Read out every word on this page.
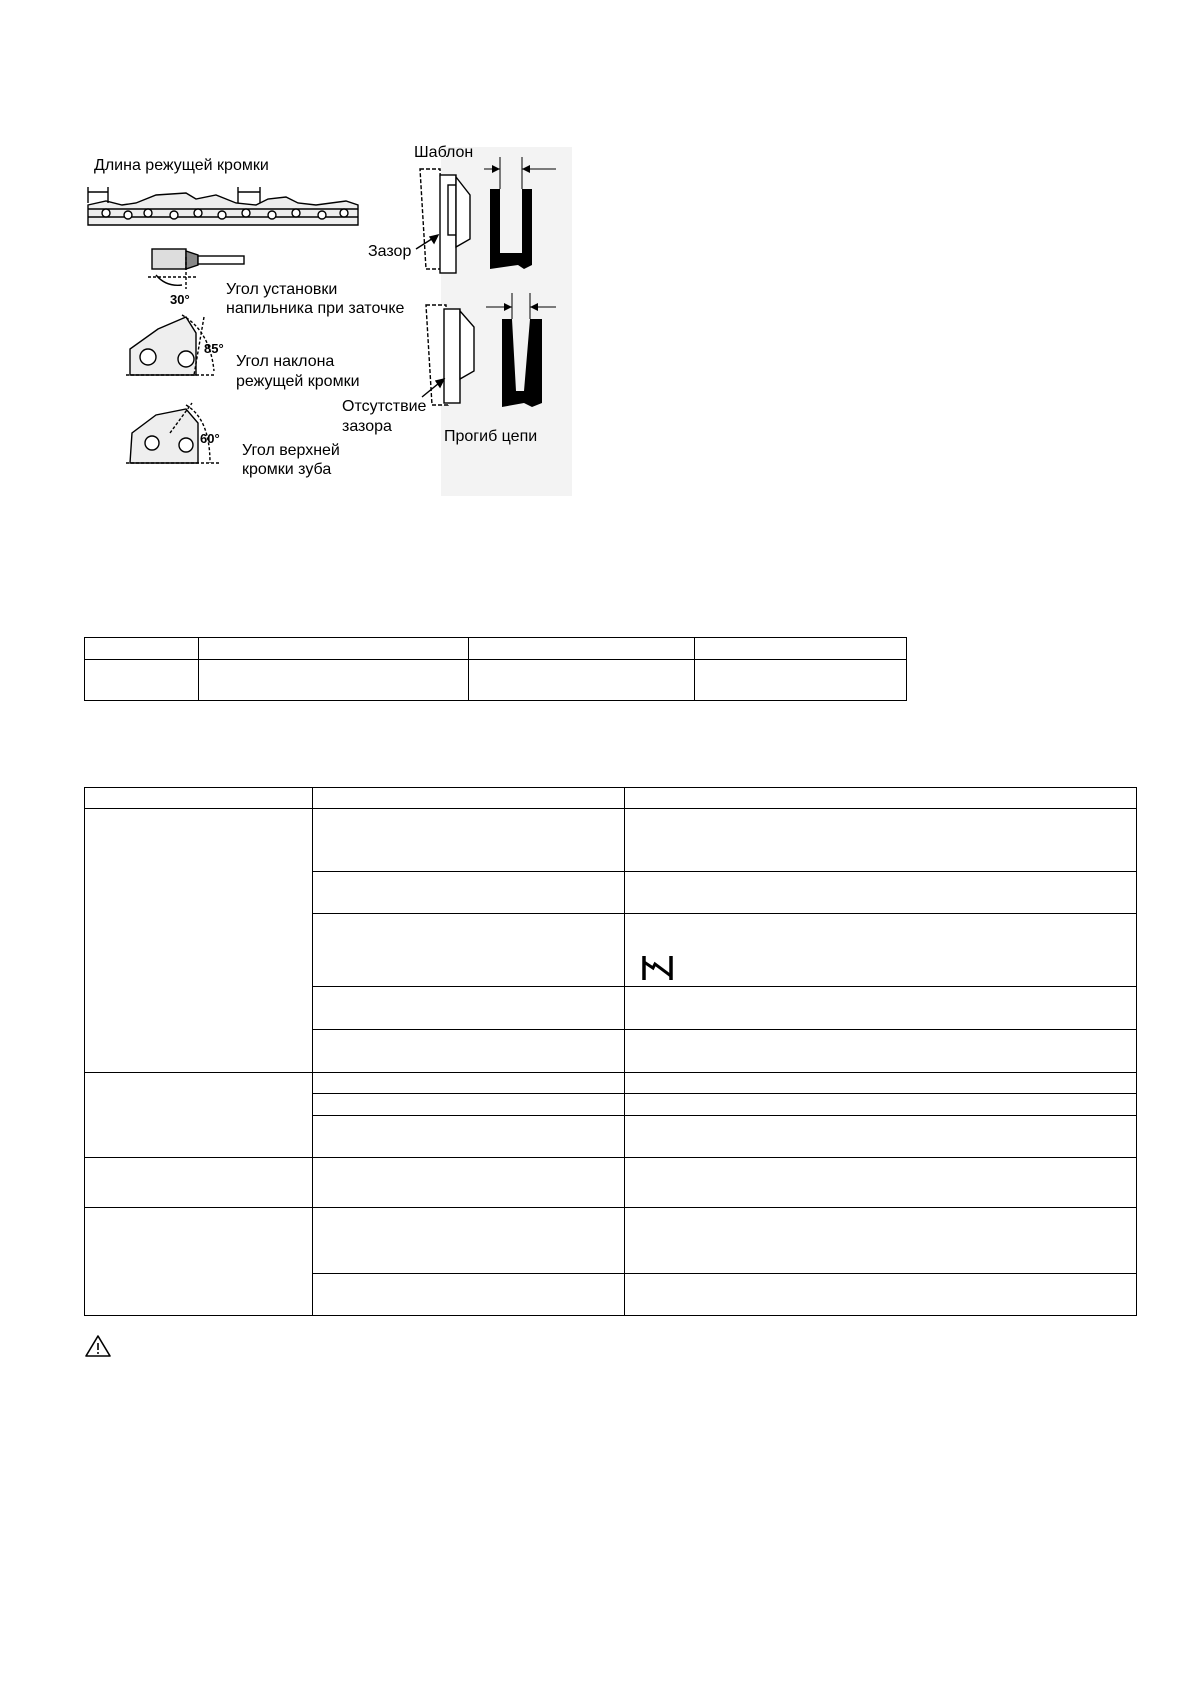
Длина режущей кромки
Угол установки
напильника при заточке
30°
Угол наклона
режущей кромки
85°
Угол верхней
кромки зуба
60°
Шаблон
Зазор
Отсутствие
зазора
Прогиб цепи
